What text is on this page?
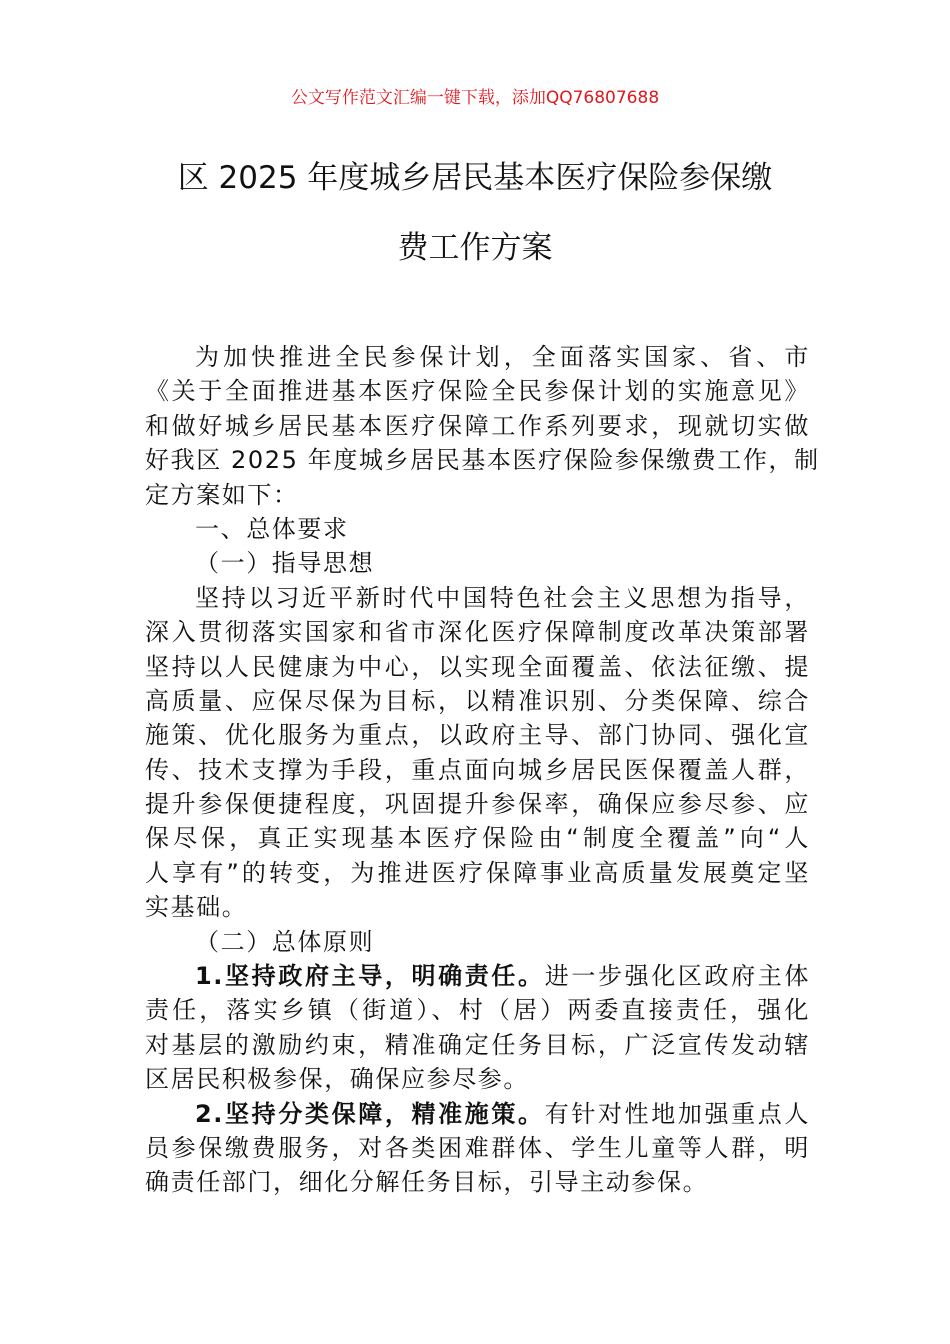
公文写作范文汇编一键下载，添加QQ76807688
区 2025 年度城乡居民基本医疗保险参保缴
费工作方案
为加快推进全民参保计划，全面落实国家、省、市
《关于全面推进基本医疗保险全民参保计划的实施意见》
和做好城乡居民基本医疗保障工作系列要求，现就切实做
好我区 2025 年度城乡居民基本医疗保险参保缴费工作，制
定方案如下：
一、总体要求
（一）指导思想
坚持以习近平新时代中国特色社会主义思想为指导，
深入贯彻落实国家和省市深化医疗保障制度改革决策部署
坚持以人民健康为中心，以实现全面覆盖、依法征缴、提
高质量、应保尽保为目标，以精准识别、分类保障、综合
施策、优化服务为重点，以政府主导、部门协同、强化宣
传、技术支撑为手段，重点面向城乡居民医保覆盖人群，
提升参保便捷程度，巩固提升参保率，确保应参尽参、应
保尽保，真正实现基本医疗保险由“制度全覆盖”向“人
人享有”的转变，为推进医疗保障事业高质量发展奠定坚
实基础。
（二）总体原则
1.坚持政府主导，明确责任。进一步强化区政府主体
责任，落实乡镇（街道）、村（居）两委直接责任，强化
对基层的激励约束，精准确定任务目标，广泛宣传发动辖
区居民积极参保，确保应参尽参。
2.坚持分类保障，精准施策。有针对性地加强重点人
员参保缴费服务，对各类困难群体、学生儿童等人群，明
确责任部门，细化分解任务目标，引导主动参保。
